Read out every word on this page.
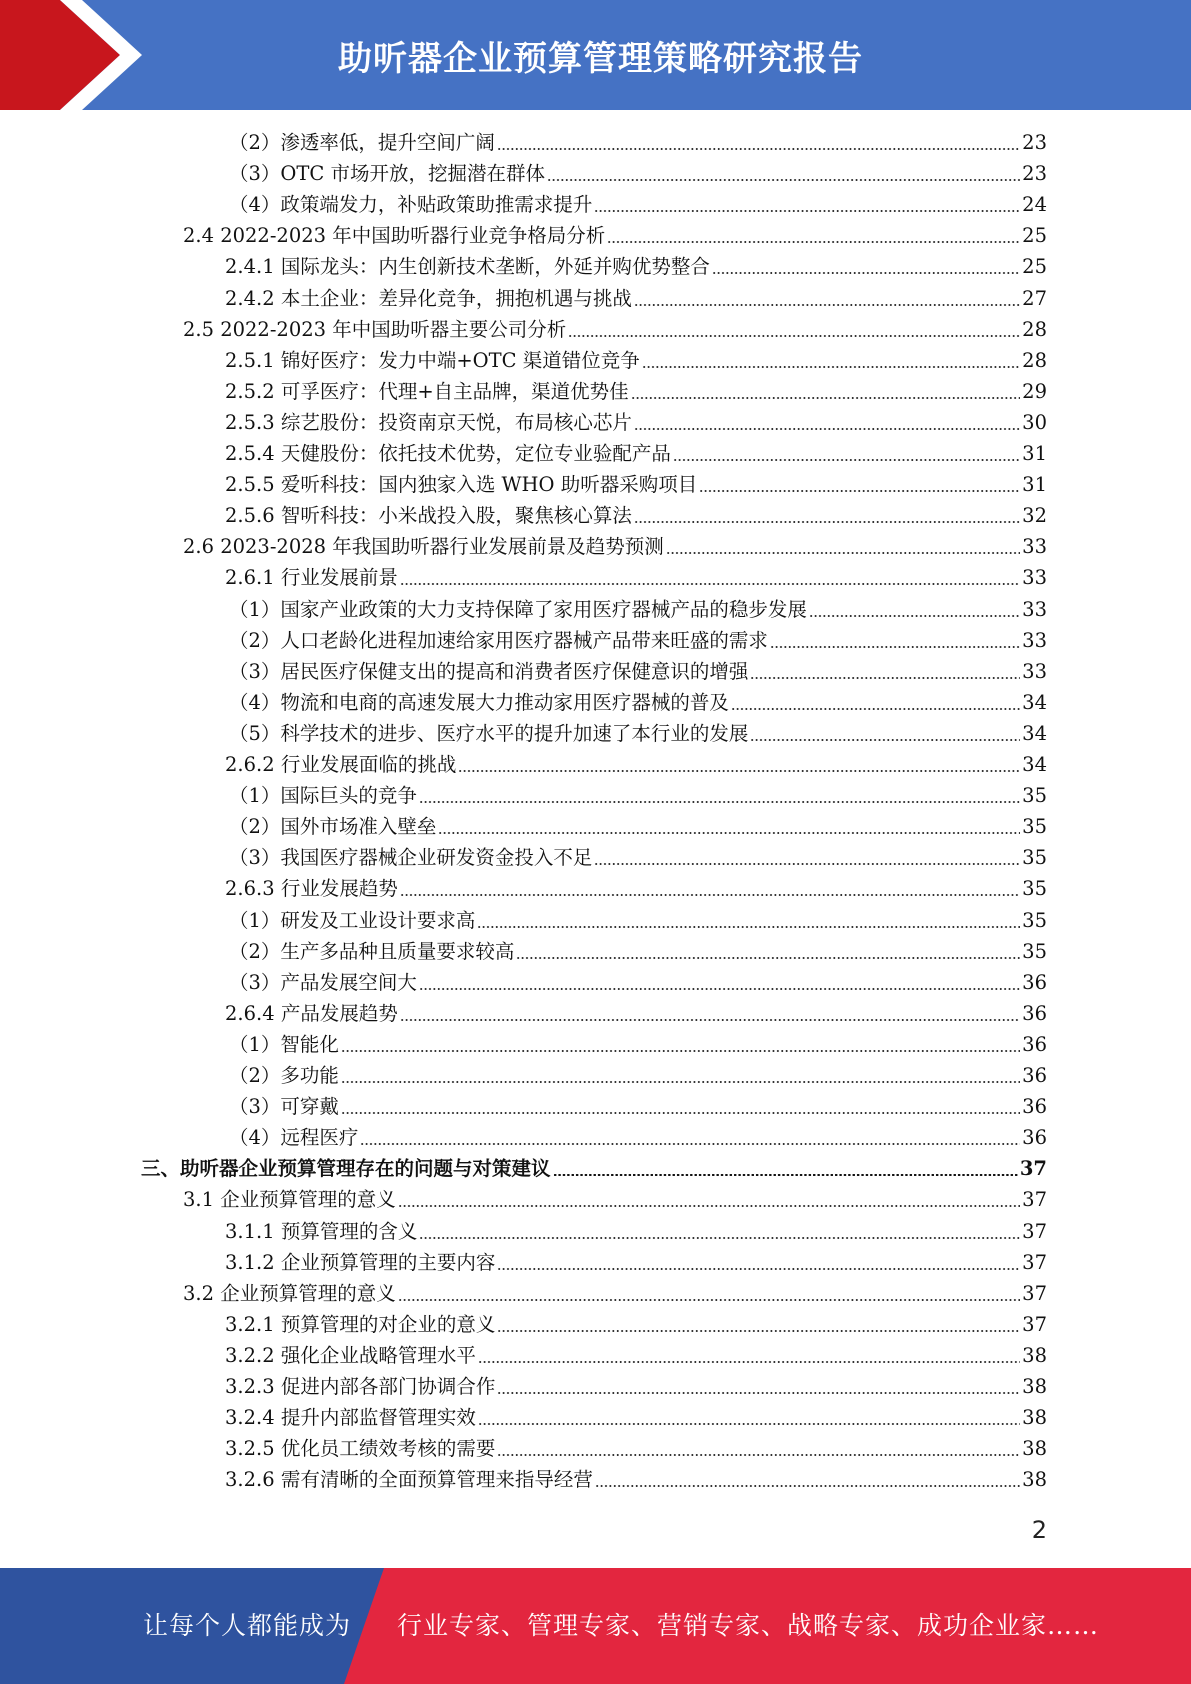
助听器企业预算管理策略研究报告
（2）渗透率低，提升空间广阔	23
（3）OTC 市场开放，挖掘潜在群体	23
（4）政策端发力，补贴政策助推需求提升	24
2.4 2022-2023 年中国助听器行业竞争格局分析	25
2.4.1 国际龙头：内生创新技术垄断，外延并购优势整合	25
2.4.2 本土企业：差异化竞争，拥抱机遇与挑战	27
2.5 2022-2023 年中国助听器主要公司分析	28
2.5.1 锦好医疗：发力中端+OTC 渠道错位竞争	28
2.5.2 可孚医疗：代理+自主品牌，渠道优势佳	29
2.5.3 综艺股份：投资南京天悦，布局核心芯片	30
2.5.4 天健股份：依托技术优势，定位专业验配产品	31
2.5.5 爱听科技：国内独家入选 WHO 助听器采购项目	31
2.5.6 智听科技：小米战投入股，聚焦核心算法	32
2.6 2023-2028 年我国助听器行业发展前景及趋势预测	33
2.6.1 行业发展前景	33
（1）国家产业政策的大力支持保障了家用医疗器械产品的稳步发展	33
（2）人口老龄化进程加速给家用医疗器械产品带来旺盛的需求	33
（3）居民医疗保健支出的提高和消费者医疗保健意识的增强	33
（4）物流和电商的高速发展大力推动家用医疗器械的普及	34
（5）科学技术的进步、医疗水平的提升加速了本行业的发展	34
2.6.2 行业发展面临的挑战	34
（1）国际巨头的竞争	35
（2）国外市场准入壁垒	35
（3）我国医疗器械企业研发资金投入不足	35
2.6.3 行业发展趋势	35
（1）研发及工业设计要求高	35
（2）生产多品种且质量要求较高	35
（3）产品发展空间大	36
2.6.4 产品发展趋势	36
（1）智能化	36
（2）多功能	36
（3）可穿戴	36
（4）远程医疗	36
三、助听器企业预算管理存在的问题与对策建议	37
3.1 企业预算管理的意义	37
3.1.1 预算管理的含义	37
3.1.2 企业预算管理的主要内容	37
3.2 企业预算管理的意义	37
3.2.1 预算管理的对企业的意义	37
3.2.2 强化企业战略管理水平	38
3.2.3 促进内部各部门协调合作	38
3.2.4 提升内部监督管理实效	38
3.2.5 优化员工绩效考核的需要	38
3.2.6 需有清晰的全面预算管理来指导经营	38
2
让每个人都能成为 行业专家、管理专家、营销专家、战略专家、成功企业家……
